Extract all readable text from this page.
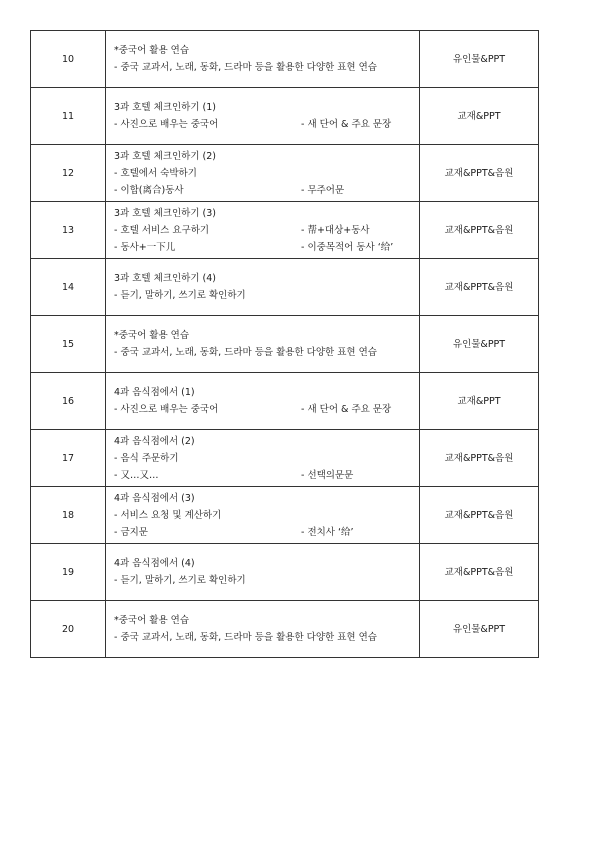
10	*중국어 활용 연습
- 중국 교과서, 노래, 동화, 드라마 등을 활용한 다양한 표현 연습	유인물&PPT
11	3과 호텔 체크인하기 (1)
- 사진으로 배우는 중국어 - 새 단어 & 주요 문장	교재&PPT
12	3과 호텔 체크인하기 (2)
- 호텔에서 숙박하기
- 이합(离合)동사 - 무주어문	교재&PPT&음원
13	3과 호텔 체크인하기 (3)
- 호텔 서비스 요구하기 - 帮+대상+동사
- 동사+一下儿 - 이중목적어 동사 ‘给’	교재&PPT&음원
14	3과 호텔 체크인하기 (4)
- 듣기, 말하기, 쓰기로 확인하기	교재&PPT&음원
15	*중국어 활용 연습
- 중국 교과서, 노래, 동화, 드라마 등을 활용한 다양한 표현 연습	유인물&PPT
16	4과 음식점에서 (1)
- 사진으로 배우는 중국어 - 새 단어 & 주요 문장	교재&PPT
17	4과 음식점에서 (2)
- 음식 주문하기
- 又…又… - 선택의문문	교재&PPT&음원
18	4과 음식점에서 (3)
- 서비스 요청 및 계산하기
- 금지문 - 전치사 ‘给’	교재&PPT&음원
19	4과 음식점에서 (4)
- 듣기, 말하기, 쓰기로 확인하기	교재&PPT&음원
20	*중국어 활용 연습
- 중국 교과서, 노래, 동화, 드라마 등을 활용한 다양한 표현 연습	유인물&PPT
